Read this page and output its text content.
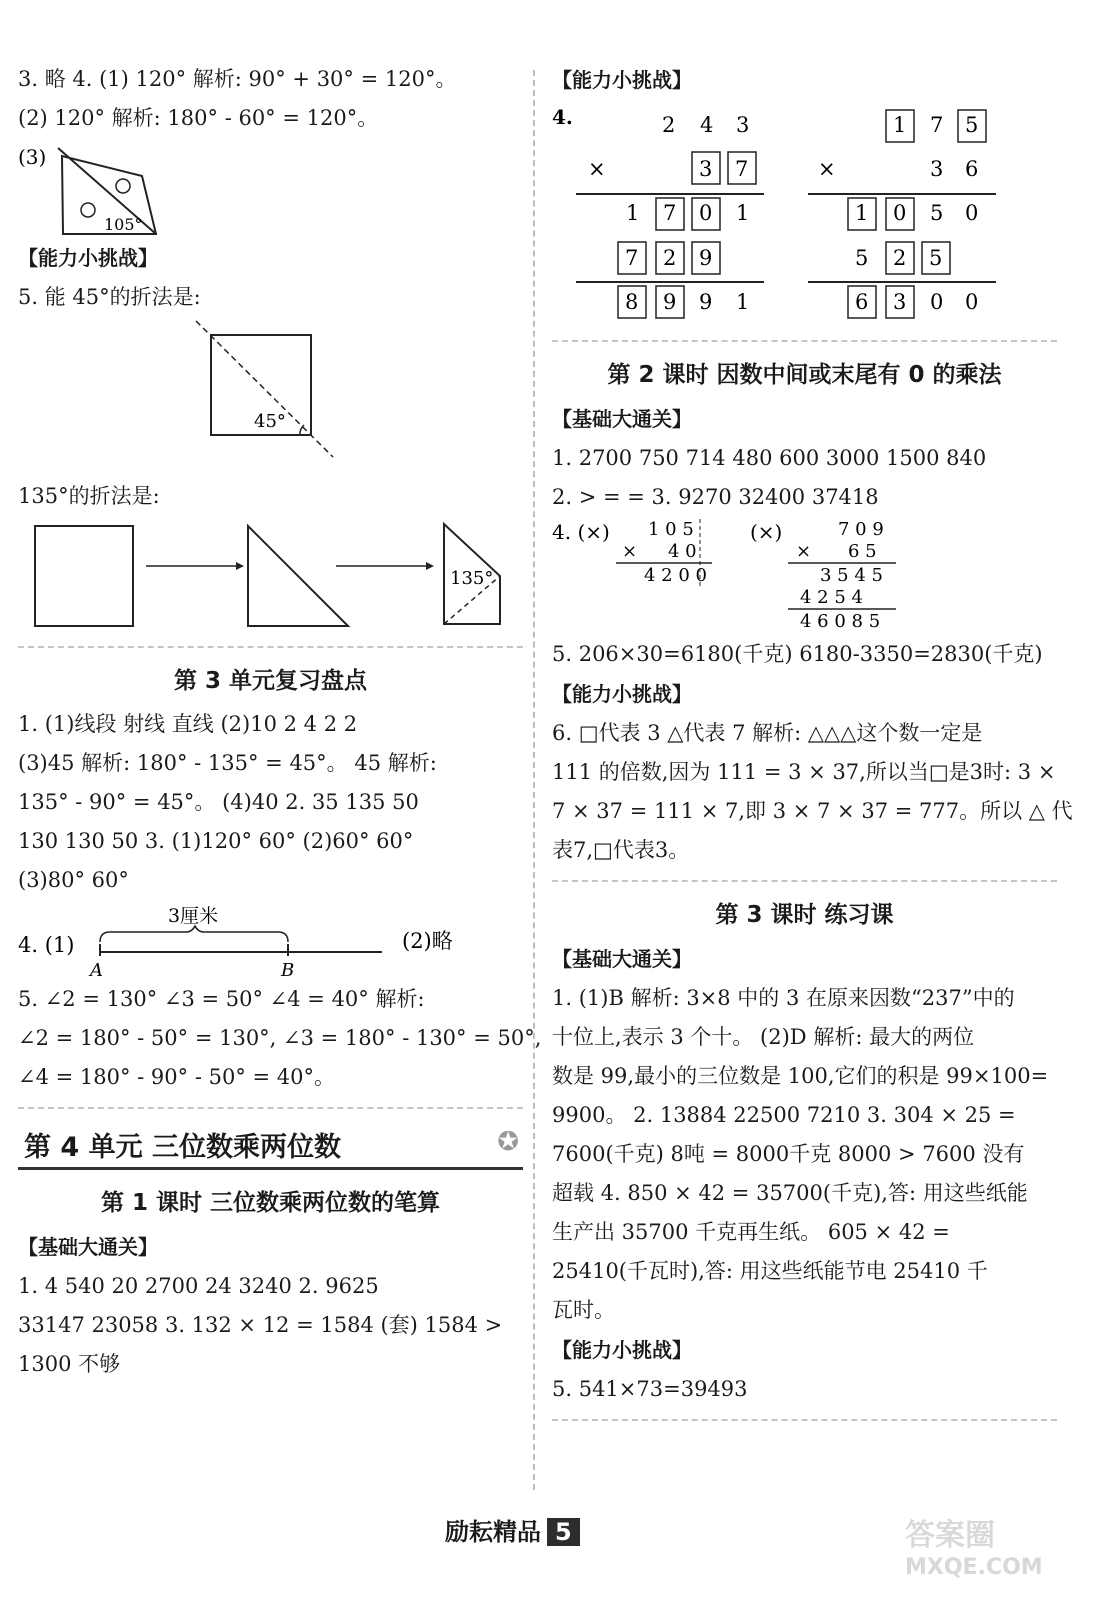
3. 略 4. (1) 120° 解析: 90° + 30° = 120°。
(2) 120° 解析: 180° - 60° = 120°。
(3)
105°
【能力小挑战】
5. 能 45°的折法是:
45°
135°的折法是:
135°
第 3 单元复习盘点
1. (1)线段 射线 直线 (2)10 2 4 2 2
(3)45 解析: 180° - 135° = 45°。 45 解析:
135° - 90° = 45°。 (4)40 2. 35 135 50
130 130 50 3. (1)120° 60° (2)60° 60°
(3)80° 60°
4. (1)
3厘米
A	B
(2)略
5. ∠2 = 130° ∠3 = 50° ∠4 = 40° 解析:
∠2 = 180° - 50° = 130°, ∠3 = 180° - 130° = 50°,
∠4 = 180° - 90° - 50° = 40°。
第 4 单元 三位数乘两位数	✪
第 1 课时 三位数乘两位数的笔算
【基础大通关】
1. 4 540 20 2700 24 3240 2. 9625
33147 23058 3. 132 × 12 = 1584 (套) 1584 >
1300 不够
【能力小挑战】
4.	2 4 3
×	3 7
1 7 0 1
7 2 9
8 9 9 1
1 7 5
×	3 6
1 0 5 0
5 2 5
6 3 0 0
第 2 课时 因数中间或末尾有 0 的乘法
【基础大通关】
1. 2700 750 714 480 600 3000 1500 840
2. > = = 3. 9270 32400 37418
4. (×) 1 0 5
× 4 0
4 2 0 0
(×)	7 0 9
× 6 5
3 5 4 5
4 2 5 4
4 6 0 8 5
5. 206×30=6180(千克) 6180-3350=2830(千克)
【能力小挑战】
6. □代表 3 △代表 7 解析: △△△这个数一定是
111 的倍数,因为 111 = 3 × 37,所以当□是3时: 3 ×
7 × 37 = 111 × 7,即 3 × 7 × 37 = 777。所以 △ 代
表7,□代表3。
第 3 课时 练习课
【基础大通关】
1. (1)B 解析: 3×8 中的 3 在原来因数“237”中的
十位上,表示 3 个十。 (2)D 解析: 最大的两位
数是 99,最小的三位数是 100,它们的积是 99×100=
9900。 2. 13884 22500 7210 3. 304 × 25 =
7600(千克) 8吨 = 8000千克 8000 > 7600 没有
超载 4. 850 × 42 = 35700(千克),答: 用这些纸能
生产出 35700 千克再生纸。 605 × 42 =
25410(千瓦时),答: 用这些纸能节电 25410 千
瓦时。
【能力小挑战】
5. 541×73=39493
励耘精品 5	答案圈
MXQE.COM
